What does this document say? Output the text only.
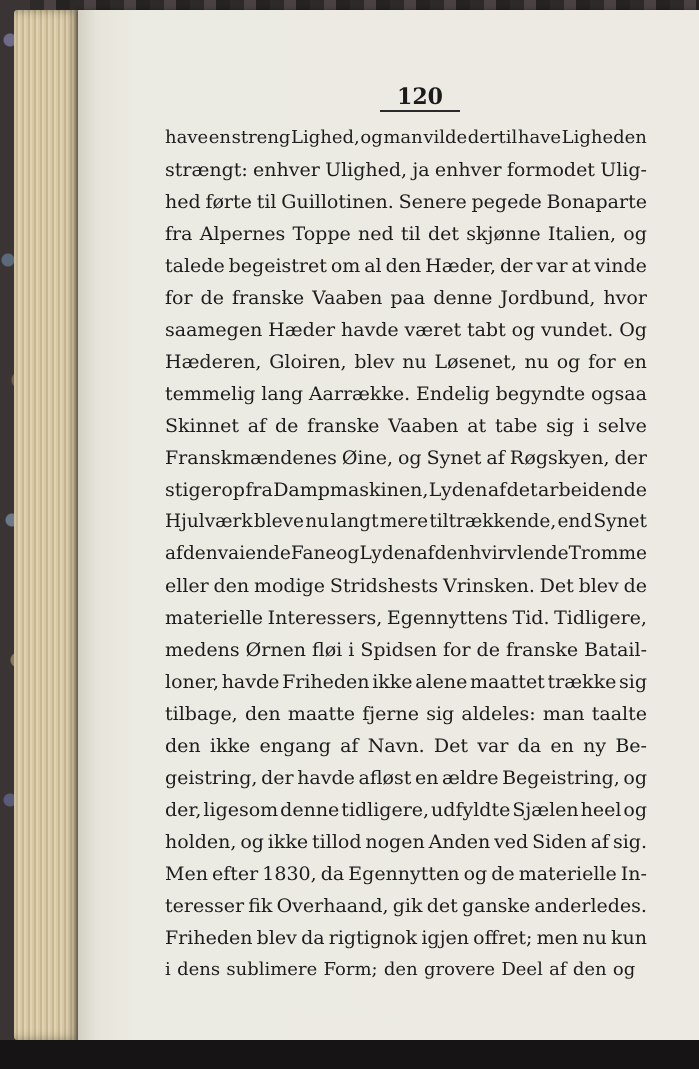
120
have en streng Lighed, og man vilde dertil have Ligheden
strængt: enhver Ulighed, ja enhver formodet Ulig-
hed førte til Guillotinen. Senere pegede Bonaparte
fra Alpernes Toppe ned til det skjønne Italien, og
talede begeistret om al den Hæder, der var at vinde
for de franske Vaaben paa denne Jordbund, hvor
saamegen Hæder havde været tabt og vundet. Og
Hæderen, Gloiren, blev nu Løsenet, nu og for en
temmelig lang Aarrække. Endelig begyndte ogsaa
Skinnet af de franske Vaaben at tabe sig i selve
Franskmændenes Øine, og Synet af Røgskyen, der
stiger op fra Dampmaskinen, Lyden af det arbeidende
Hjulværk bleve nu langt mere tiltrækkende, end Synet
af den vaiende Fane og Lyden af den hvirvlende Tromme
eller den modige Stridshests Vrinsken. Det blev de
materielle Interessers, Egennyttens Tid. Tidligere,
medens Ørnen fløi i Spidsen for de franske Batail-
loner, havde Friheden ikke alene maattet trække sig
tilbage, den maatte fjerne sig aldeles: man taalte
den ikke engang af Navn. Det var da en ny Be-
geistring, der havde afløst en ældre Begeistring, og
der, ligesom denne tidligere, udfyldte Sjælen heel og
holden, og ikke tillod nogen Anden ved Siden af sig.
Men efter 1830, da Egennytten og de materielle In-
teresser fik Overhaand, gik det ganske anderledes.
Friheden blev da rigtignok igjen offret; men nu kun
i dens sublimere Form; den grovere Deel af den og
